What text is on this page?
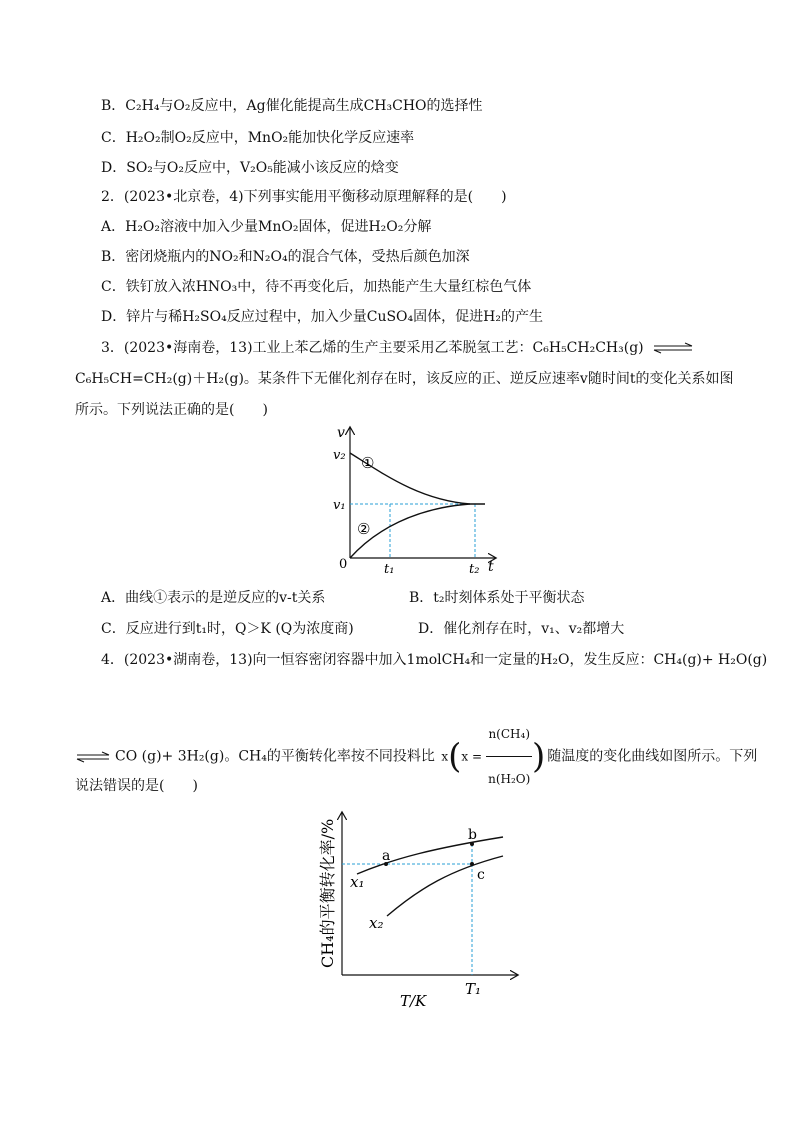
B．C₂H₄与O₂反应中，Ag催化能提高生成CH₃CHO的选择性
C．H₂O₂制O₂反应中，MnO₂能加快化学反应速率
D．SO₂与O₂反应中，V₂O₅能减小该反应的焓变
2．(2023•北京卷，4)下列事实能用平衡移动原理解释的是(　　)
A．H₂O₂溶液中加入少量MnO₂固体，促进H₂O₂分解
B．密闭烧瓶内的NO₂和N₂O₄的混合气体，受热后颜色加深
C．铁钉放入浓HNO₃中，待不再变化后，加热能产生大量红棕色气体
D．锌片与稀H₂SO₄反应过程中，加入少量CuSO₄固体，促进H₂的产生
3．(2023•海南卷，13)工业上苯乙烯的生产主要采用乙苯脱氢工艺：C₆H₅CH₂CH₃(g) ⇌
C₆H₅CH=CH₂(g)＋H₂(g)。某条件下无催化剂存在时，该反应的正、逆反应速率v随时间t的变化关系如图
所示。下列说法正确的是(　　)
v
t
0
v₂
v₁
t₁	t₂
①
②
A．曲线①表示的是逆反应的v-t关系	B．t₂时刻体系处于平衡状态
C．反应进行到t₁时，Q＞K (Q为浓度商)	D．催化剂存在时，v₁、v₂都增大
4．(2023•湖南卷，13)向一恒容密闭容器中加入1molCH₄和一定量的H₂O，发生反应：CH₄(g)+ H₂O(g)
⇌ CO (g)+ 3H₂(g)。CH₄的平衡转化率按不同投料比 $x(x = \frac{\text{n(CH₄)}}{\text{n(H₂O)}}$ ) 随温度的变化曲线如图所示。下列
说法错误的是(　　)
CH₄的平衡转化率/%
T/K
T₁
a
b
c
x₁
x₂
